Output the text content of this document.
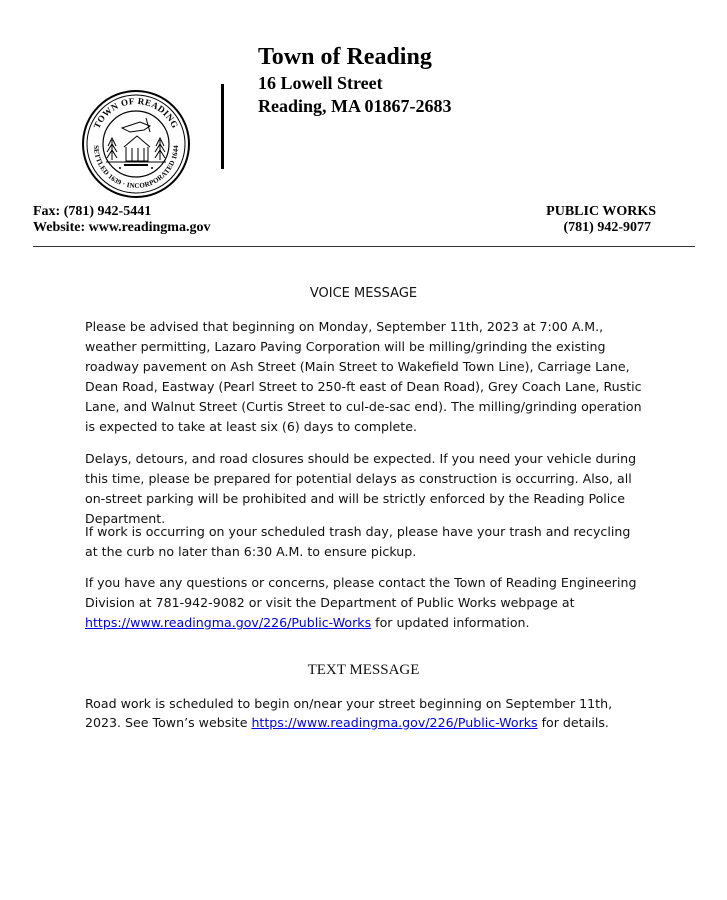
TOWN OF READING
SETTLED 1639 · INCORPORATED 1644
Town of Reading
16 Lowell Street
Reading, MA 01867-2683
Fax: (781) 942-5441
Website: www.readingma.gov
PUBLIC WORKS
(781) 942-9077
VOICE MESSAGE

Please be advised that beginning on Monday, September 11th, 2023 at 7:00 A.M., weather permitting, Lazaro Paving Corporation will be milling/grinding the existing roadway pavement on Ash Street (Main Street to Wakefield Town Line), Carriage Lane, Dean Road, Eastway (Pearl Street to 250-ft east of Dean Road), Grey Coach Lane, Rustic Lane, and Walnut Street (Curtis Street to cul-de-sac end). The milling/grinding operation is expected to take at least six (6) days to complete.

Delays, detours, and road closures should be expected. If you need your vehicle during this time, please be prepared for potential delays as construction is occurring. Also, all on-street parking will be prohibited and will be strictly enforced by the Reading Police Department.

If work is occurring on your scheduled trash day, please have your trash and recycling at the curb no later than 6:30 A.M. to ensure pickup.

If you have any questions or concerns, please contact the Town of Reading Engineering Division at 781-942-9082 or visit the Department of Public Works webpage at https://www.readingma.gov/226/Public-Works for updated information.

TEXT MESSAGE

Road work is scheduled to begin on/near your street beginning on September 11th, 2023. See Town’s website https://www.readingma.gov/226/Public-Works for details.
